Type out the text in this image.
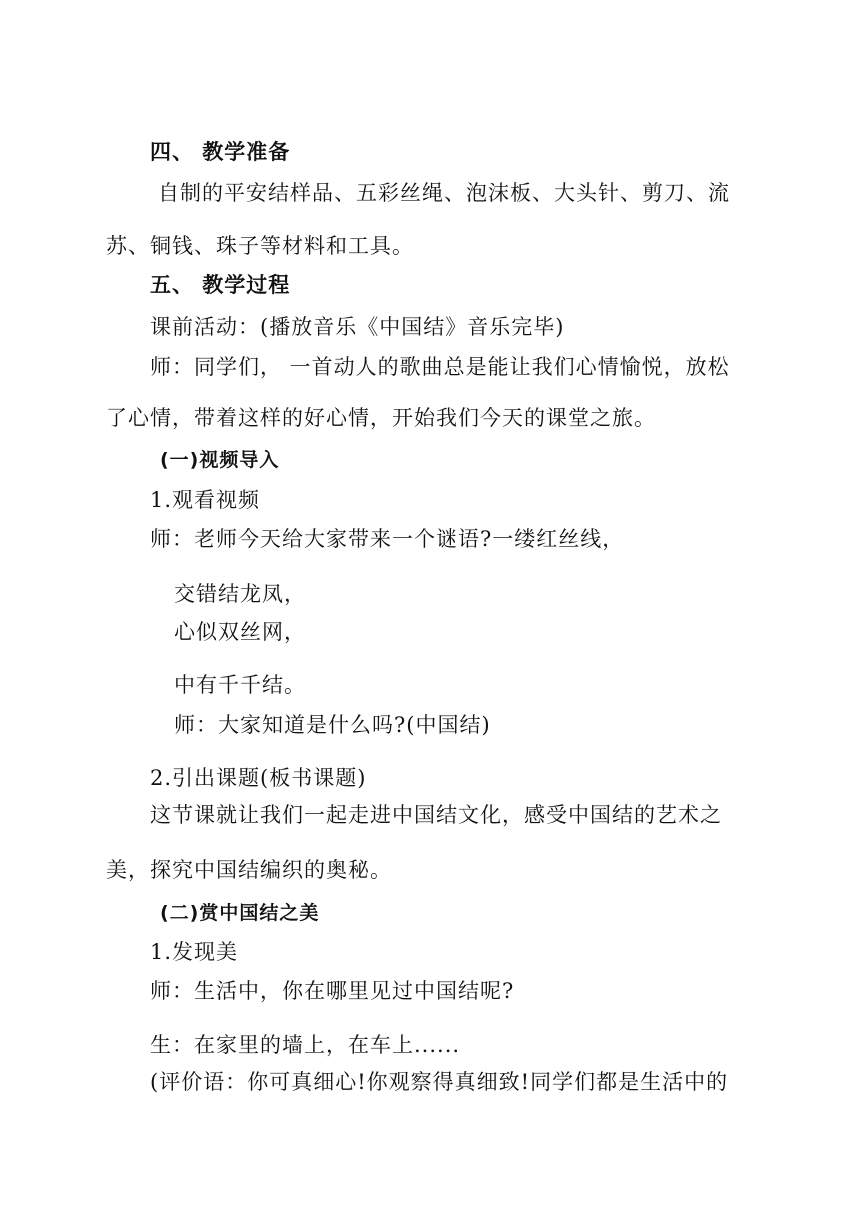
四、 教学准备
自制的平安结样品、五彩丝绳、泡沫板、大头针、剪刀、流
苏、铜钱、珠子等材料和工具。
五、 教学过程
课前活动：(播放音乐《中国结》音乐完毕)
师：同学们， 一首动人的歌曲总是能让我们心情愉悦，放松
了心情，带着这样的好心情，开始我们今天的课堂之旅。
(一)视频导入
1.观看视频
师：老师今天给大家带来一个谜语?一缕红丝线，
交错结龙凤，
心似双丝网，
中有千千结。
师：大家知道是什么吗?(中国结)
2.引出课题(板书课题)
这节课就让我们一起走进中国结文化，感受中国结的艺术之
美，探究中国结编织的奥秘。
(二)赏中国结之美
1.发现美
师：生活中，你在哪里见过中国结呢?
生：在家里的墙上，在车上......
(评价语：你可真细心!你观察得真细致!同学们都是生活中的
